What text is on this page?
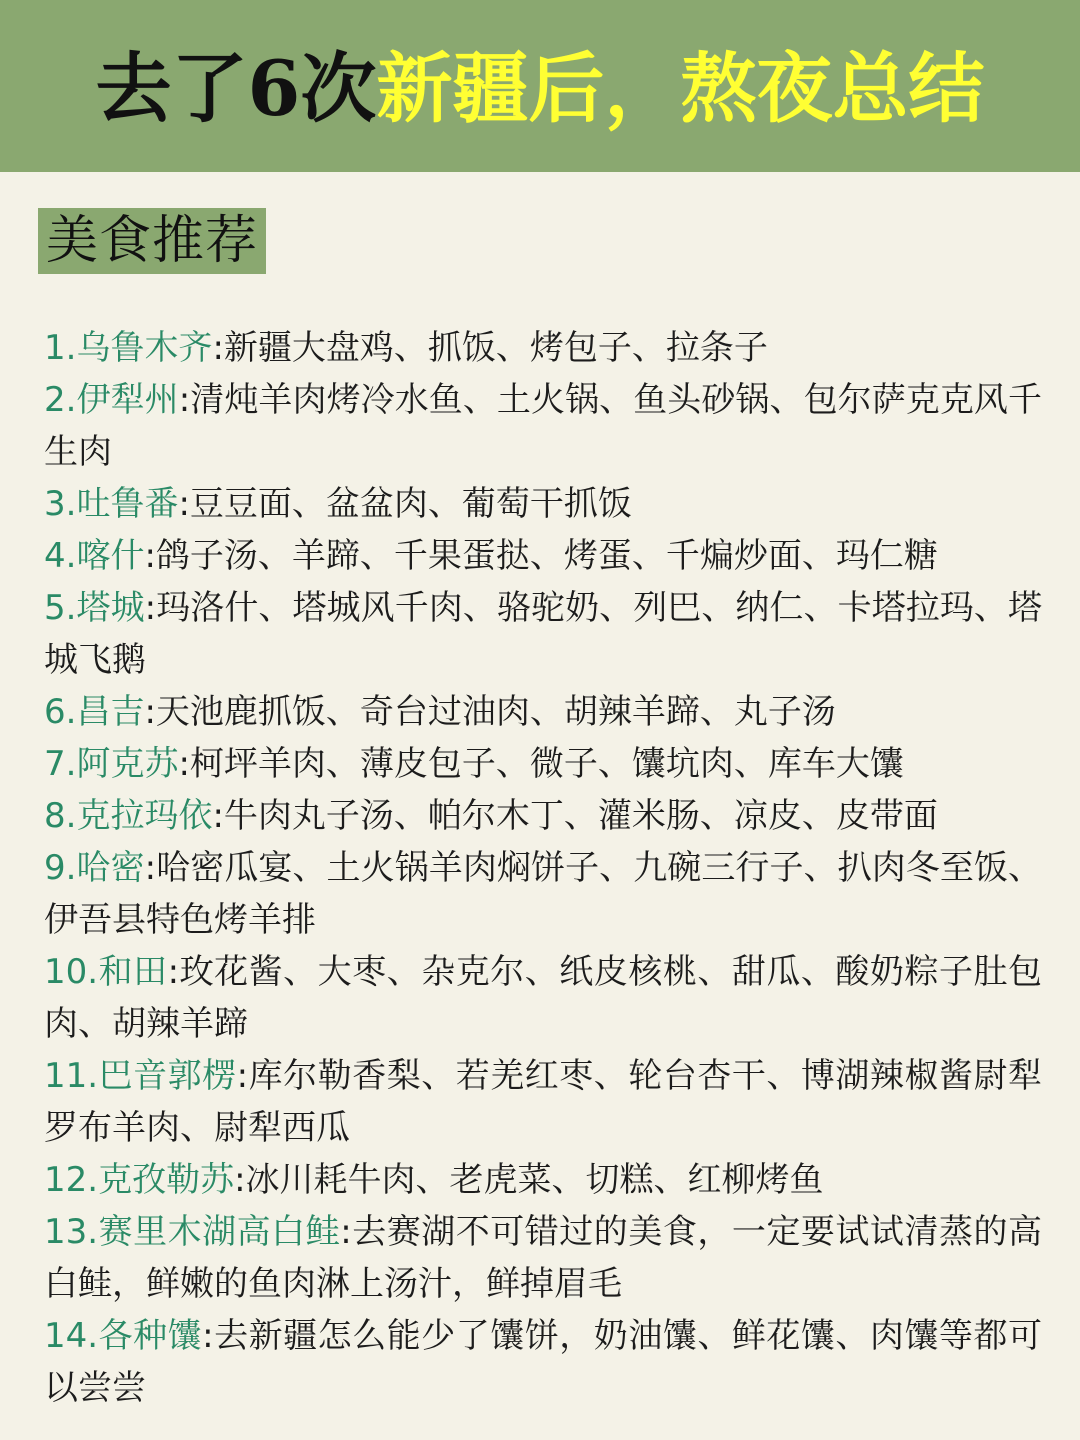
去了6次新疆后，熬夜总结
美食推荐
1.乌鲁木齐:新疆大盘鸡、抓饭、烤包子、拉条子
2.伊犁州:清炖羊肉烤冷水鱼、土火锅、鱼头砂锅、包尔萨克克风千生肉
3.吐鲁番:豆豆面、盆盆肉、葡萄干抓饭
4.喀什:鸽子汤、羊蹄、千果蛋挞、烤蛋、千煸炒面、玛仁糖
5.塔城:玛洛什、塔城风千肉、骆驼奶、列巴、纳仁、卡塔拉玛、塔城飞鹅
6.昌吉:天池鹿抓饭、奇台过油肉、胡辣羊蹄、丸子汤
7.阿克苏:柯坪羊肉、薄皮包子、微子、馕坑肉、库车大馕
8.克拉玛依:牛肉丸子汤、帕尔木丁、灌米肠、凉皮、皮带面
9.哈密:哈密瓜宴、土火锅羊肉焖饼子、九碗三行子、扒肉冬至饭、伊吾县特色烤羊排
10.和田:玫花酱、大枣、杂克尔、纸皮核桃、甜瓜、酸奶粽子肚包肉、胡辣羊蹄
11.巴音郭楞:库尔勒香梨、若羌红枣、轮台杏干、博湖辣椒酱尉犁罗布羊肉、尉犁西瓜
12.克孜勒苏:冰川耗牛肉、老虎菜、切糕、红柳烤鱼
13.赛里木湖高白鲑:去赛湖不可错过的美食，一定要试试清蒸的高白鲑，鲜嫩的鱼肉淋上汤汁，鲜掉眉毛
14.各种馕:去新疆怎么能少了馕饼，奶油馕、鲜花馕、肉馕等都可以尝尝
